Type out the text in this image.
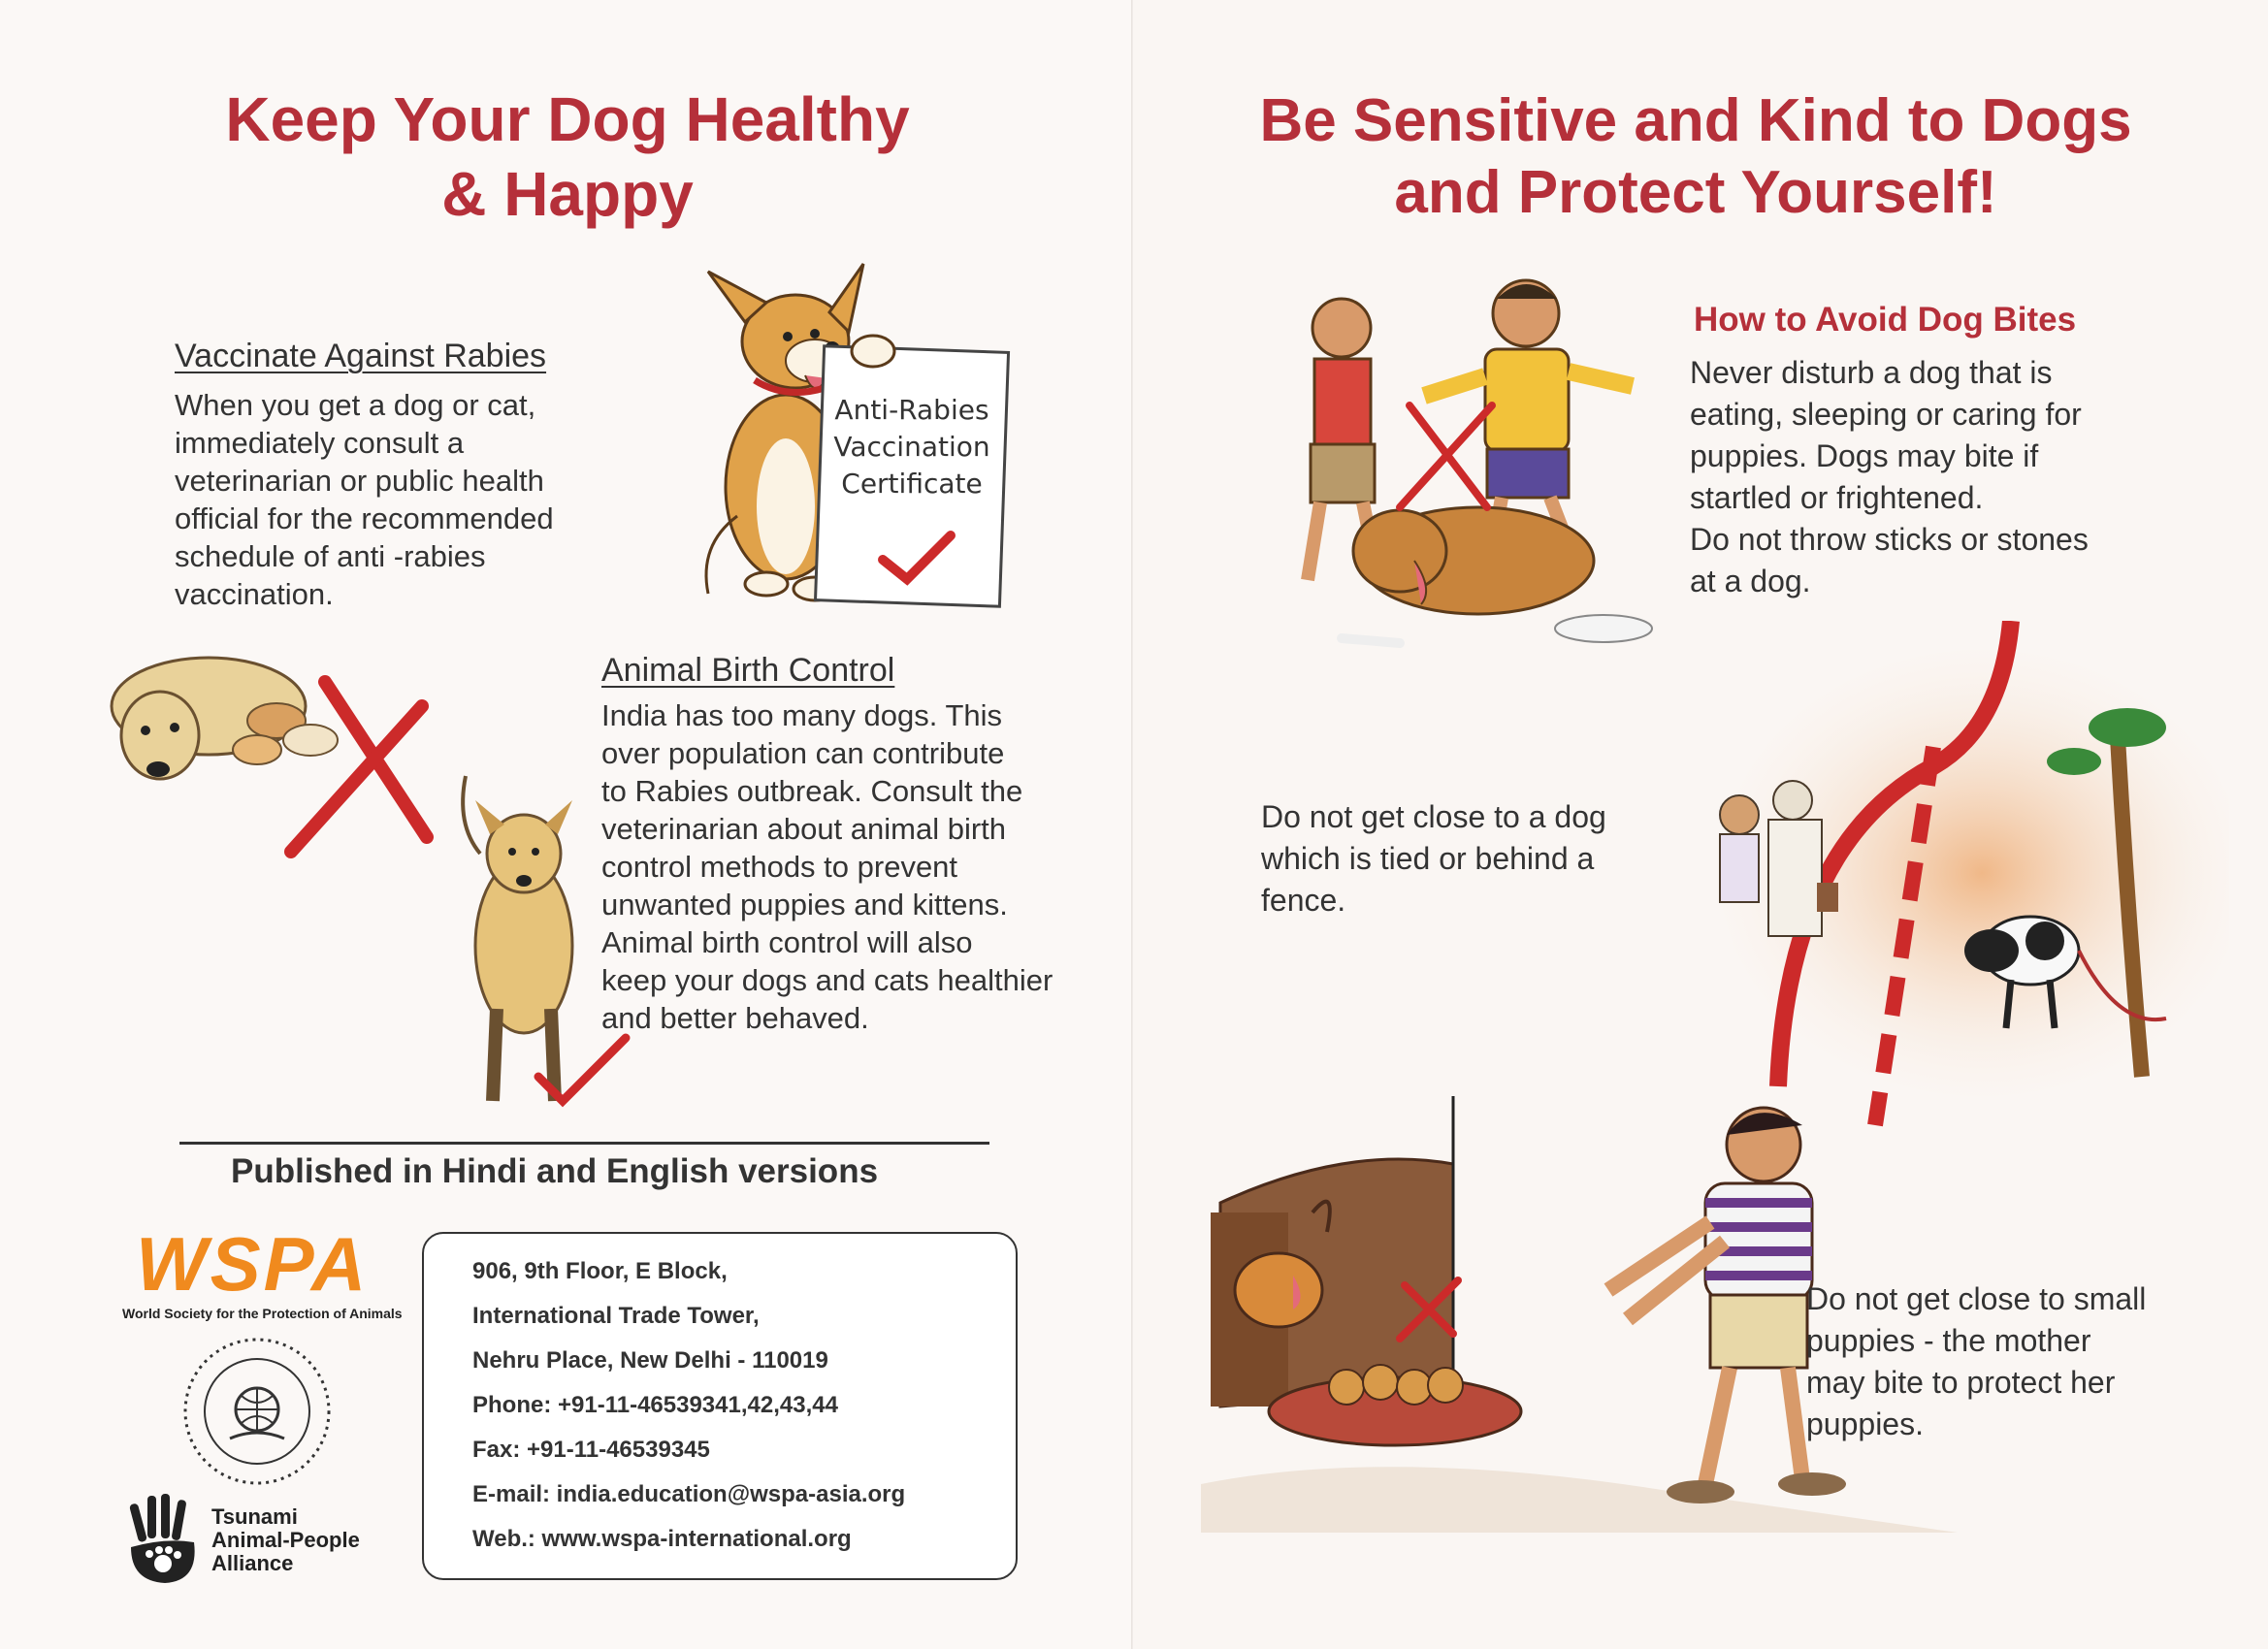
Keep Your Dog Healthy
& Happy
Vaccinate Against Rabies
When you get a dog or cat,
immediately consult a
veterinarian or public health
official for the recommended
schedule of anti -rabies
vaccination.
Anti-Rabies
Vaccination
Certificate
Animal Birth Control
India has too many dogs. This
over population can contribute
to Rabies outbreak. Consult the
veterinarian about animal birth
control methods to prevent
unwanted puppies and kittens.
Animal birth control will also
keep your dogs and cats healthier
and better behaved.
Published in Hindi and English versions
WSPA
World Society for the Protection of Animals
Tsunami
Animal-People
Alliance
906, 9th Floor, E Block,
International Trade Tower,
Nehru Place, New Delhi - 110019
Phone: +91-11-46539341,42,43,44
Fax: +91-11-46539345
E-mail: india.education@wspa-asia.org
Web.: www.wspa-international.org
Be Sensitive and Kind to Dogs
and Protect Yourself!
How to Avoid Dog Bites
Never disturb a dog that is
eating, sleeping or caring for
puppies. Dogs may bite if
startled or frightened.
Do not throw sticks or stones
at a dog.
Do not get close to a dog
which is tied or behind a
fence.
Do not get close to small
puppies - the mother
may bite to protect her
puppies.
